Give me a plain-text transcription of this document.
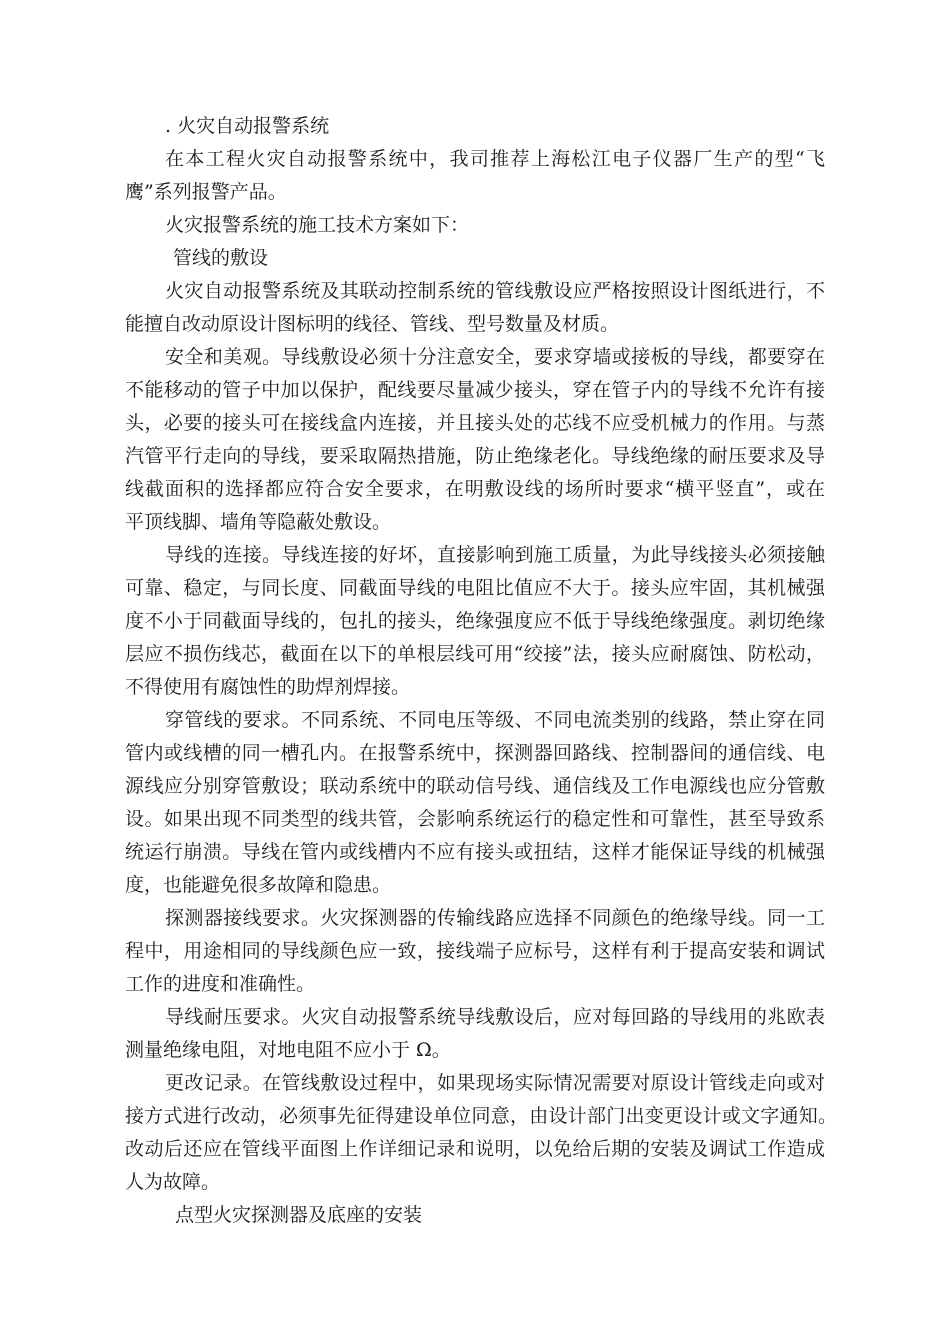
. 火灾自动报警系统
在本工程火灾自动报警系统中，我司推荐上海松江电子仪器厂生产的型“飞
鹰”系列报警产品。
火灾报警系统的施工技术方案如下：
管线的敷设
火灾自动报警系统及其联动控制系统的管线敷设应严格按照设计图纸进行，不
能擅自改动原设计图标明的线径、管线、型号数量及材质。
安全和美观。导线敷设必须十分注意安全，要求穿墙或接板的导线，都要穿在
不能移动的管子中加以保护，配线要尽量减少接头，穿在管子内的导线不允许有接
头，必要的接头可在接线盒内连接，并且接头处的芯线不应受机械力的作用。与蒸
汽管平行走向的导线，要采取隔热措施，防止绝缘老化。导线绝缘的耐压要求及导
线截面积的选择都应符合安全要求，在明敷设线的场所时要求“横平竖直”，或在
平顶线脚、墙角等隐蔽处敷设。
导线的连接。导线连接的好坏，直接影响到施工质量，为此导线接头必须接触
可靠、稳定，与同长度、同截面导线的电阻比值应不大于。接头应牢固，其机械强
度不小于同截面导线的，包扎的接头，绝缘强度应不低于导线绝缘强度。剥切绝缘
层应不损伤线芯，截面在以下的单根层线可用“绞接”法，接头应耐腐蚀、防松动，
不得使用有腐蚀性的助焊剂焊接。
穿管线的要求。不同系统、不同电压等级、不同电流类别的线路，禁止穿在同
管内或线槽的同一槽孔内。在报警系统中，探测器回路线、控制器间的通信线、电
源线应分别穿管敷设；联动系统中的联动信号线、通信线及工作电源线也应分管敷
设。如果出现不同类型的线共管，会影响系统运行的稳定性和可靠性，甚至导致系
统运行崩溃。导线在管内或线槽内不应有接头或扭结，这样才能保证导线的机械强
度，也能避免很多故障和隐患。
探测器接线要求。火灾探测器的传输线路应选择不同颜色的绝缘导线。同一工
程中，用途相同的导线颜色应一致，接线端子应标号，这样有利于提高安装和调试
工作的进度和准确性。
导线耐压要求。火灾自动报警系统导线敷设后，应对每回路的导线用的兆欧表
测量绝缘电阻，对地电阻不应小于 Ω。
更改记录。在管线敷设过程中，如果现场实际情况需要对原设计管线走向或对
接方式进行改动，必须事先征得建设单位同意，由设计部门出变更设计或文字通知。
改动后还应在管线平面图上作详细记录和说明，以免给后期的安装及调试工作造成
人为故障。
点型火灾探测器及底座的安装
